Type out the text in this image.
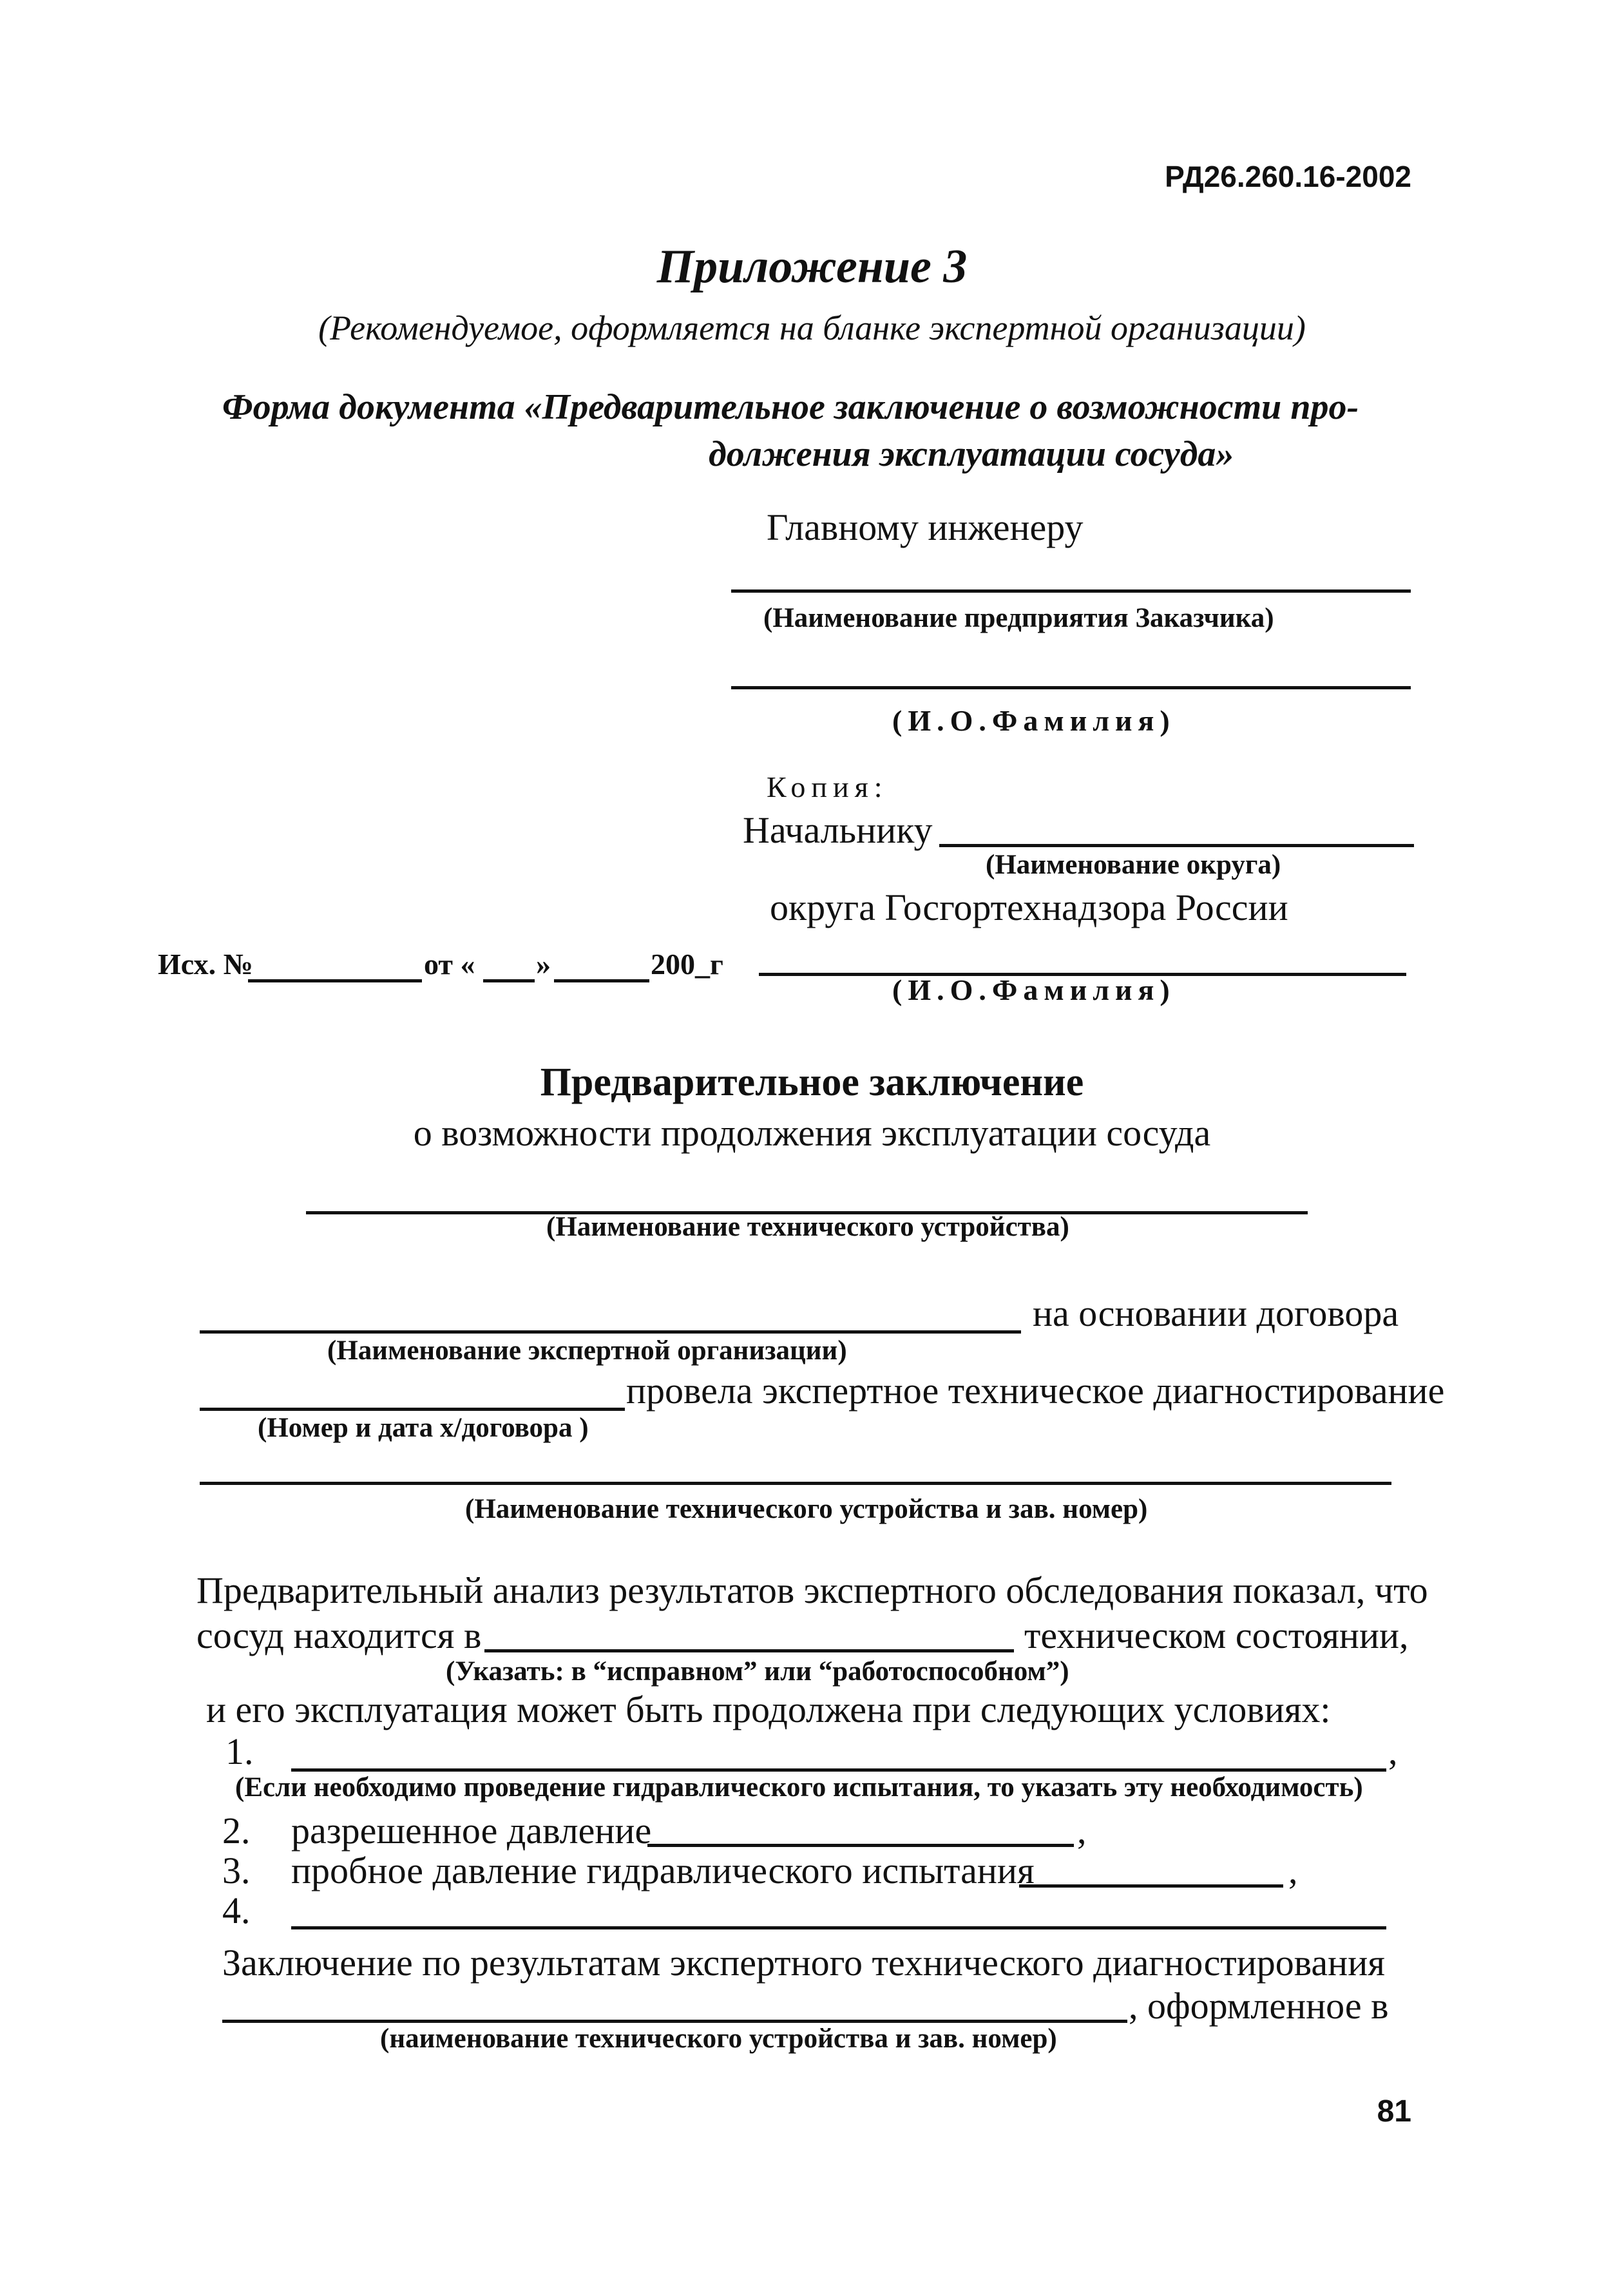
РД26.260.16-2002
Приложение 3
(Рекомендуемое, оформляется на бланке экспертной организации)
Форма документа «Предварительное заключение о возможности про-
должения эксплуатации сосуда»
Главному инженеру
(Наименование предприятия Заказчика)
(И.О.Фамилия)
Копия:
Начальнику
(Наименование округа)
округа Госгортехнадзора России
Исх. №	от « »	200_г
(И.О.Фамилия)
Предварительное заключение
о возможности продолжения эксплуатации сосуда
(Наименование технического устройства)
на основании договора
(Наименование экспертной организации)
провела экспертное техническое диагностирование
(Номер и дата х/договора )
(Наименование технического устройства и зав. номер)
Предварительный анализ результатов экспертного обследования показал, что
сосуд находится в	техническом состоянии,
(Указать: в “исправном” или “работоспособном”)
и его эксплуатация может быть продолжена при следующих условиях:
1.	,
(Если необходимо проведение гидравлического испытания, то указать эту необходимость)
2. разрешенное давление	,
3. пробное давление гидравлического испытания	,
4.
Заключение по результатам экспертного технического диагностирования
, оформленное в
(наименование технического устройства и зав. номер)
81
